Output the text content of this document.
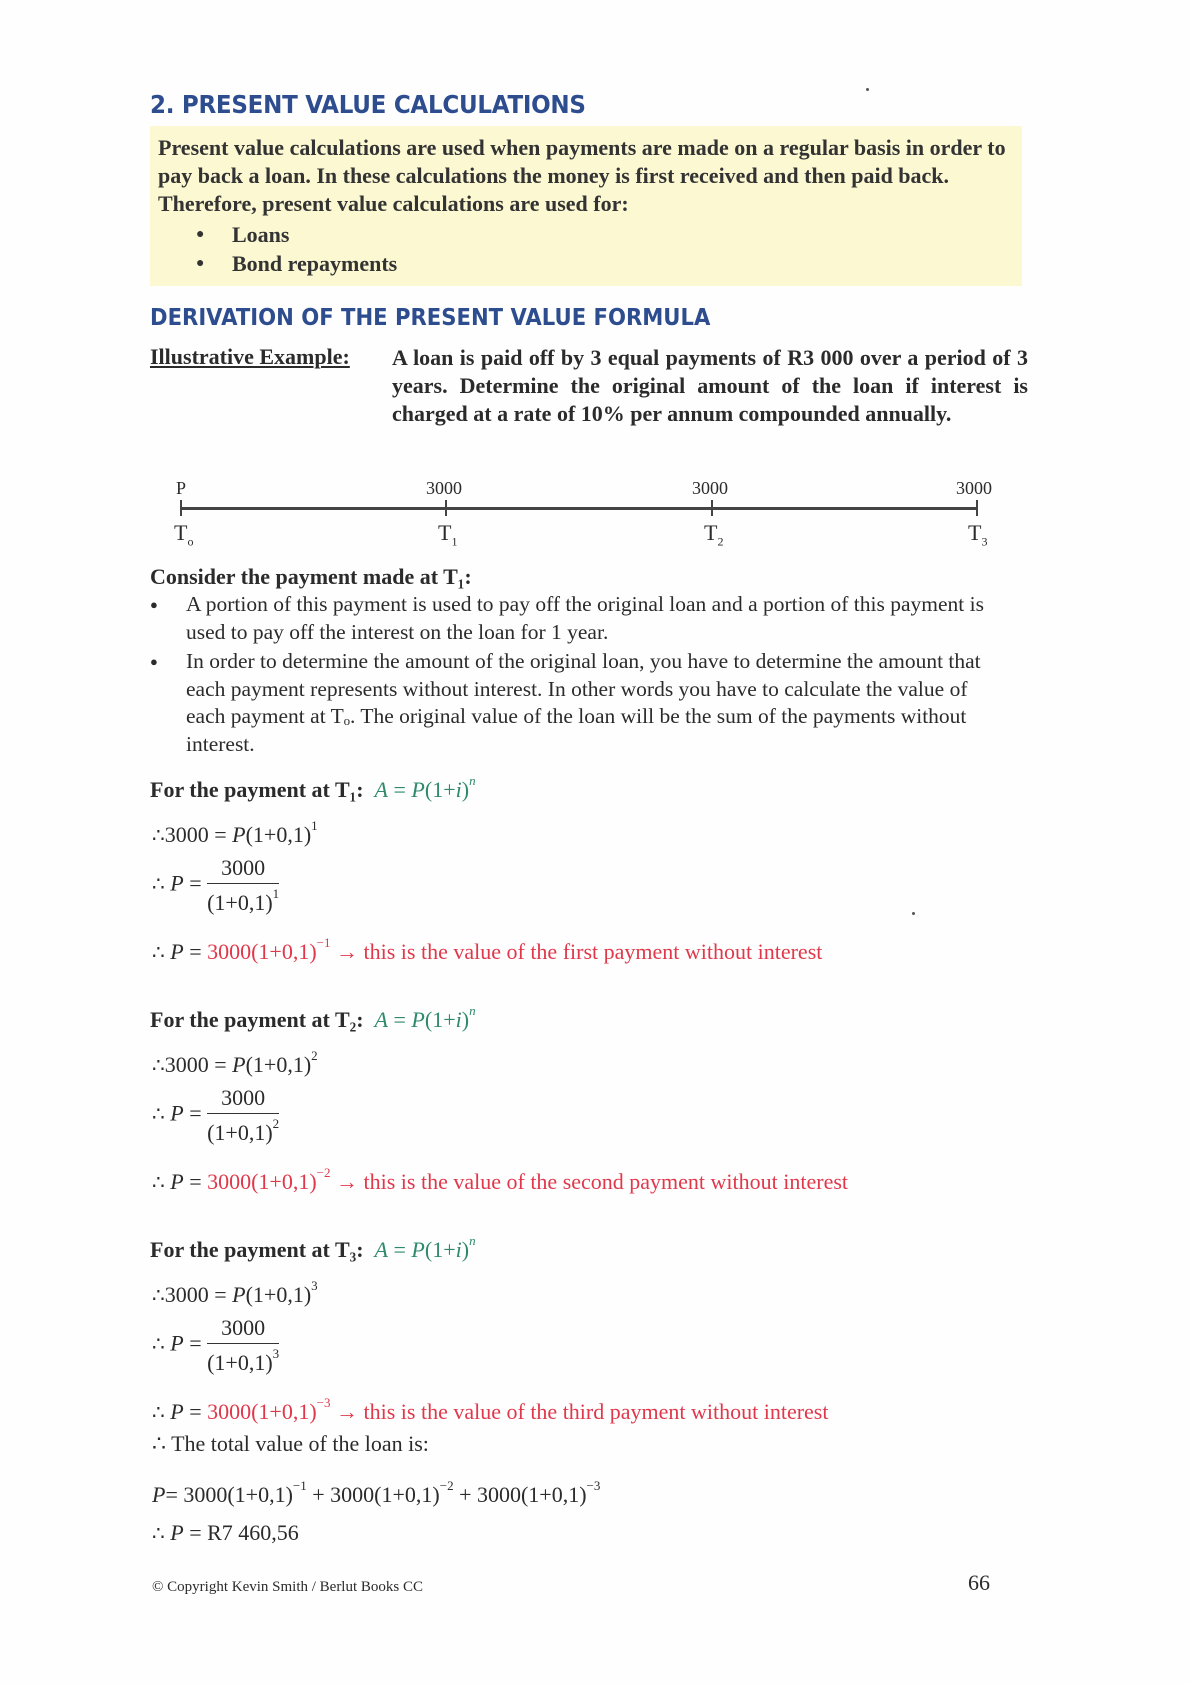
2. PRESENT VALUE CALCULATIONS
Present value calculations are used when payments are made on a regular basis in order to pay back a loan. In these calculations the money is first received and then paid back. Therefore, present value calculations are used for:
● Loans
● Bond repayments
DERIVATION OF THE PRESENT VALUE FORMULA
Illustrative Example: A loan is paid off by 3 equal payments of R3 000 over a period of 3 years. Determine the original amount of the loan if interest is charged at a rate of 10% per annum compounded annually.
P	3000	3000	3000
$T_o$	$T_1$	$T_2$	$T_3$
Consider the payment made at T₁:
● A portion of this payment is used to pay off the original loan and a portion of this payment is used to pay off the interest on the loan for 1 year.
● In order to determine the amount of the original loan, you have to determine the amount that each payment represents without interest. In other words you have to calculate the value of each payment at Tₒ. The original value of the loan will be the sum of the payments without interest.
For the payment at T₁: $A = P(1+i)^n$
∴3000 = $P(1+0,1)^1$
∴ $P = \frac{3000}{(1+0,1)^1}$
∴ $P = 3000(1+0,1)^{-1}$ → this is the value of the first payment without interest
For the payment at T₂: $A = P(1+i)^n$
∴3000 = $P(1+0,1)^2$
∴ $P = \frac{3000}{(1+0,1)^2}$
∴ $P = 3000(1+0,1)^{-2}$ → this is the value of the second payment without interest
For the payment at T₃: $A = P(1+i)^n$
∴3000 = $P(1+0,1)^3$
∴ $P = \frac{3000}{(1+0,1)^3}$
∴ $P = 3000(1+0,1)^{-3}$ → this is the value of the third payment without interest
∴ The total value of the loan is:
$P= 3000(1+0,1)^{-1} + 3000(1+0,1)^{-2} + 3000(1+0,1)^{-3}$
∴ P = R7 460,56
© Copyright Kevin Smith / Berlut Books CC	66
